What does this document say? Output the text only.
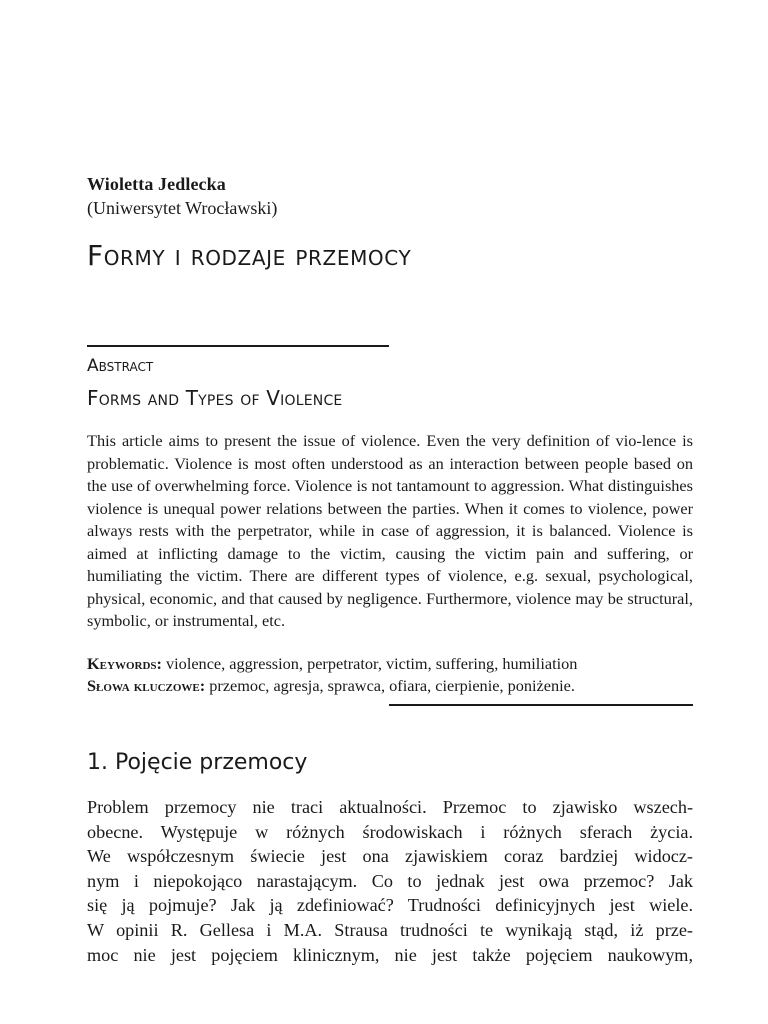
Wioletta Jedlecka
(Uniwersytet Wrocławski)
Formy i rodzaje przemocy
Abstract
Forms and Types of Violence
This article aims to present the issue of violence. Even the very definition of vio-lence is problematic. Violence is most often understood as an interaction between people based on the use of overwhelming force. Violence is not tantamount to aggression. What distinguishes violence is unequal power relations between the parties. When it comes to violence, power always rests with the perpetrator, while in case of aggression, it is balanced. Violence is aimed at inflicting damage to the victim, causing the victim pain and suffering, or humiliating the victim. There are different types of violence, e.g. sexual, psychological, physical, economic, and that caused by negligence. Furthermore, violence may be structural, symbolic, or instrumental, etc.
Keywords: violence, aggression, perpetrator, victim, suffering, humiliation
Słowa kluczowe: przemoc, agresja, sprawca, ofiara, cierpienie, poniżenie.
1. Pojęcie przemocy
Problem przemocy nie traci aktualności. Przemoc to zjawisko wszech-
obecne. Występuje w różnych środowiskach i różnych sferach życia.
We współczesnym świecie jest ona zjawiskiem coraz bardziej widocz-
nym i niepokojąco narastającym. Co to jednak jest owa przemoc? Jak
się ją pojmuje? Jak ją zdefiniować? Trudności definicyjnych jest wiele.
W opinii R. Gellesa i M.A. Strausa trudności te wynikają stąd, iż prze-
moc nie jest pojęciem klinicznym, nie jest także pojęciem naukowym,
